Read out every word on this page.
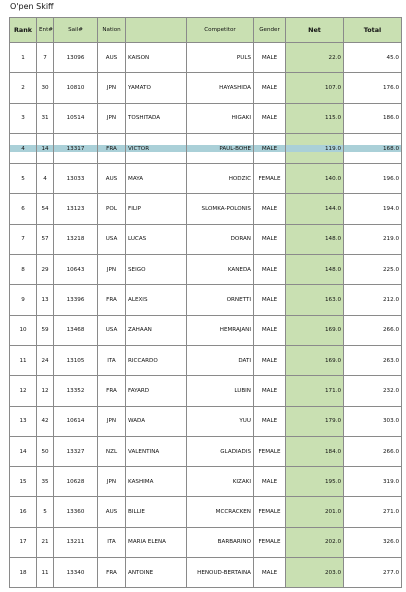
O'pen Skiff
Rank	Ent#	Sail#	Nation		Competitor	Gender	Net	Total
1	7	13096	AUS	KAISON	PULS	MALE	22.0	45.0
2	30	10810	JPN	YAMATO	HAYASHIDA	MALE	107.0	176.0
3	31	10514	JPN	TOSHITADA	HIGAKI	MALE	115.0	186.0

4	14	13317	FRA	VICTOR	PAUL-BOHE	MALE	119.0	168.0
5	4	13033	AUS	MAYA	HODZIC	FEMALE	140.0	196.0
6	54	13123	POL	FILIP	SLOMKA-POLONIS	MALE	144.0	194.0
7	57	13218	USA	LUCAS	DORAN	MALE	148.0	219.0
8	29	10643	JPN	SEIGO	KANEDA	MALE	148.0	225.0
9	13	13396	FRA	ALEXIS	ORNETTI	MALE	163.0	212.0
10	59	13468	USA	ZAHAAN	HEMRAJANI	MALE	169.0	266.0
11	24	13105	ITA	RICCARDO	DATI	MALE	169.0	263.0
12	12	13352	FRA	FAYARD	LUBIN	MALE	171.0	232.0
13	42	10614	JPN	WADA	YUU	MALE	179.0	303.0
14	50	13327	NZL	VALENTINA	GLADIADIS	FEMALE	184.0	266.0
15	35	10628	JPN	KASHIMA	KIZAKI	MALE	195.0	319.0
16	5	13360	AUS	BILLIE	MCCRACKEN	FEMALE	201.0	271.0
17	21	13211	ITA	MARIA ELENA	BARBARINO	FEMALE	202.0	326.0
18	11	13340	FRA	ANTOINE	HENOUD-BERTAINA	MALE	203.0	277.0
